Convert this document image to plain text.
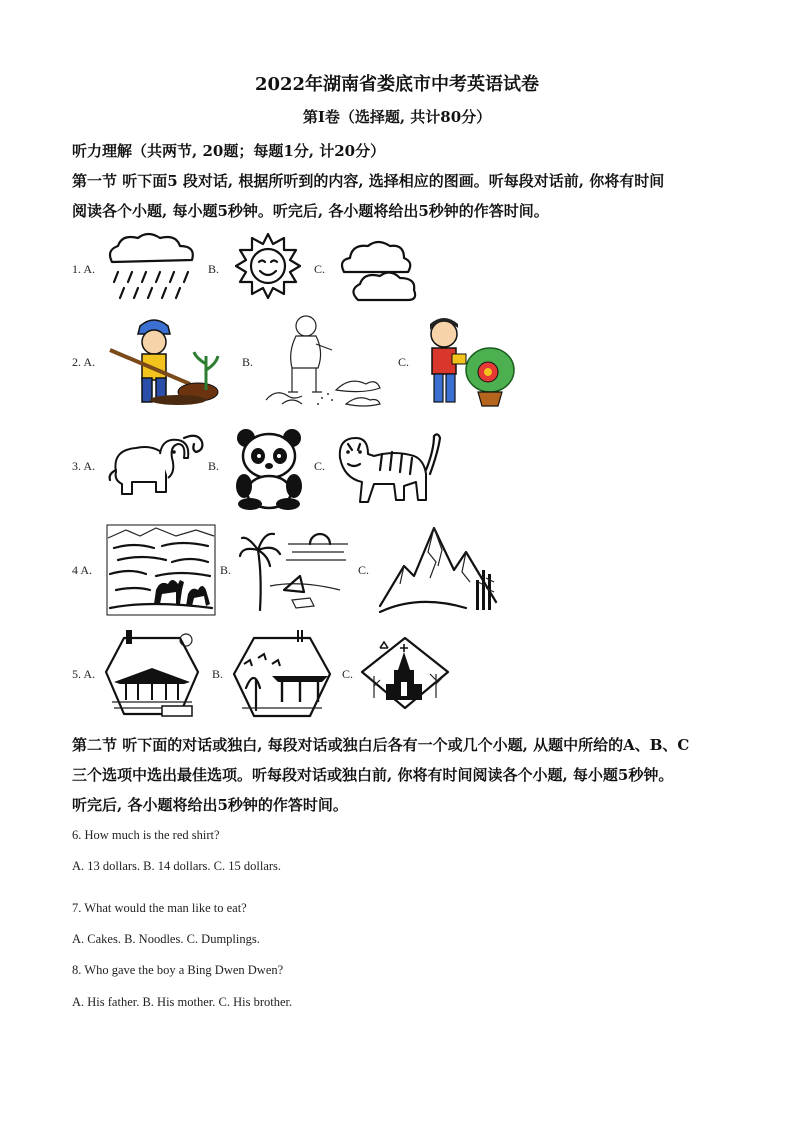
2022年湖南省娄底市中考英语试卷
第Ⅰ卷（选择题, 共计80分）
听力理解（共两节, 20题；每题1分, 计20分）
第一节 听下面5 段对话, 根据所听到的内容, 选择相应的图画。听每段对话前, 你将有时间
阅读各个小题, 每小题5秒钟。听完后, 各小题将给出5秒钟的作答时间。
1. A.	B.	C.
2. A.	B.	C.
3. A.	B.	C.
4 A.	B.	C.
5. A.	B.	C.
第二节 听下面的对话或独白, 每段对话或独白后各有一个或几个小题, 从题中所给的A、B、C
三个选项中选出最佳选项。听每段对话或独白前, 你将有时间阅读各个小题, 每小题5秒钟。
听完后, 各小题将给出5秒钟的作答时间。
6. How much is the red shirt?
A. 13 dollars. B. 14 dollars. C. 15 dollars.
7. What would the man like to eat?
A. Cakes. B. Noodles. C. Dumplings.
8. Who gave the boy a Bing Dwen Dwen?
A. His father. B. His mother. C. His brother.
